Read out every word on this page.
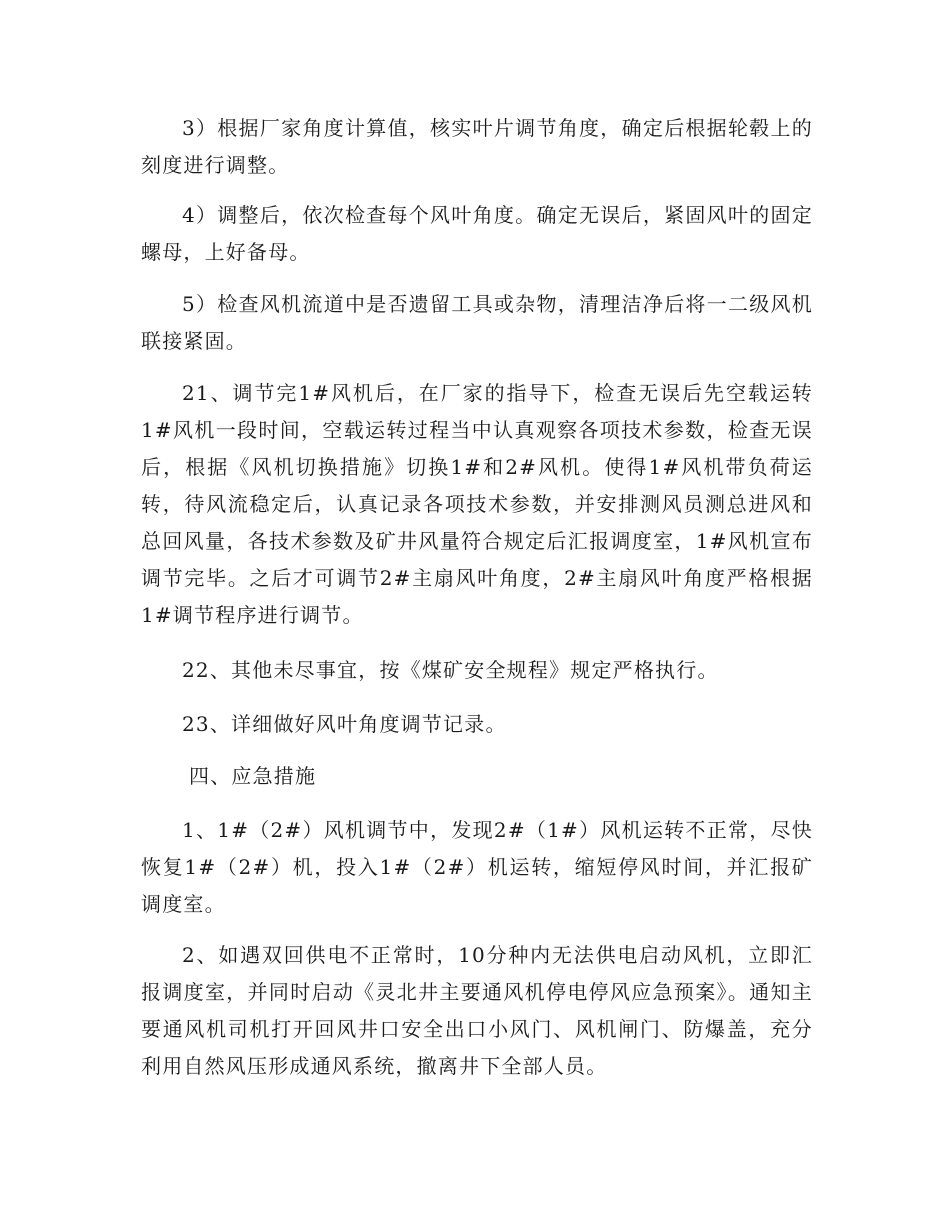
3）根据厂家角度计算值，核实叶片调节角度，确定后根据轮毂上的刻度进行调整。

4）调整后，依次检查每个风叶角度。确定无误后，紧固风叶的固定螺母，上好备母。

5）检查风机流道中是否遗留工具或杂物，清理洁净后将一二级风机联接紧固。

21、调节完1#风机后，在厂家的指导下，检查无误后先空载运转1#风机一段时间，空载运转过程当中认真观察各项技术参数，检查无误后，根据《风机切换措施》切换1#和2#风机。使得1#风机带负荷运转，待风流稳定后，认真记录各项技术参数，并安排测风员测总进风和总回风量，各技术参数及矿井风量符合规定后汇报调度室，1#风机宣布调节完毕。之后才可调节2#主扇风叶角度，2#主扇风叶角度严格根据1#调节程序进行调节。

22、其他未尽事宜，按《煤矿安全规程》规定严格执行。

23、详细做好风叶角度调节记录。

四、应急措施

1、1#（2#）风机调节中，发现2#（1#）风机运转不正常，尽快恢复1#（2#）机，投入1#（2#）机运转，缩短停风时间，并汇报矿调度室。

2、如遇双回供电不正常时，10分种内无法供电启动风机，立即汇报调度室，并同时启动《灵北井主要通风机停电停风应急预案》。通知主要通风机司机打开回风井口安全出口小风门、风机闸门、防爆盖，充分利用自然风压形成通风系统，撤离井下全部人员。
